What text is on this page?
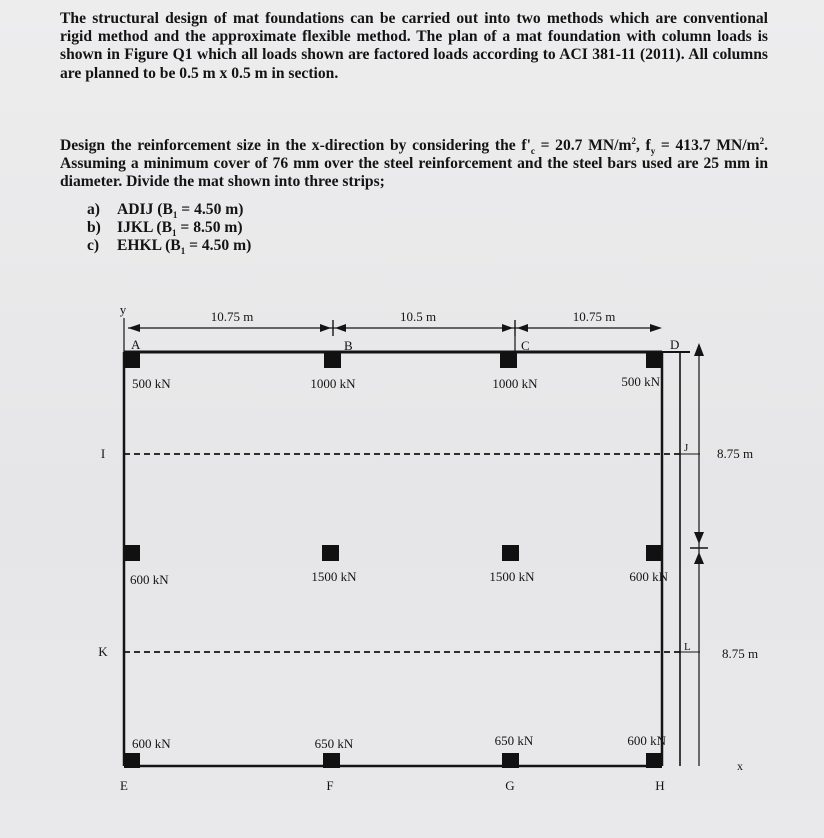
The structural design of mat foundations can be carried out into two methods which are conventional rigid method and the approximate flexible method. The plan of a mat foundation with column loads is shown in Figure Q1 which all loads shown are factored loads according to ACI 381-11 (2011). All columns are planned to be 0.5 m x 0.5 m in section.

Design the reinforcement size in the x-direction by considering the $f'_c = 20.7$ $MN/m^2$, $f_y = 413.7$ $MN/m^2$. Assuming a minimum cover of 76 mm over the steel reinforcement and the steel bars used are 25 mm in diameter. Divide the mat shown into three strips;

a) ADIJ ($B_1 = 4.50$ m)
b) IJKL ($B_1 = 8.50$ m)
c) EHKL ($B_1 = 4.50$ m)
y
x
10.75 m	10.5 m	10.75 m
8.75 m
8.75 m
A	B	C	D
I	J
K	L
E	F	G	H
500 kN	1000 kN	1000 kN	500 kN
600 kN	1500 kN	1500 kN	600 kN
600 kN	650 kN	650 kN	600 kN
